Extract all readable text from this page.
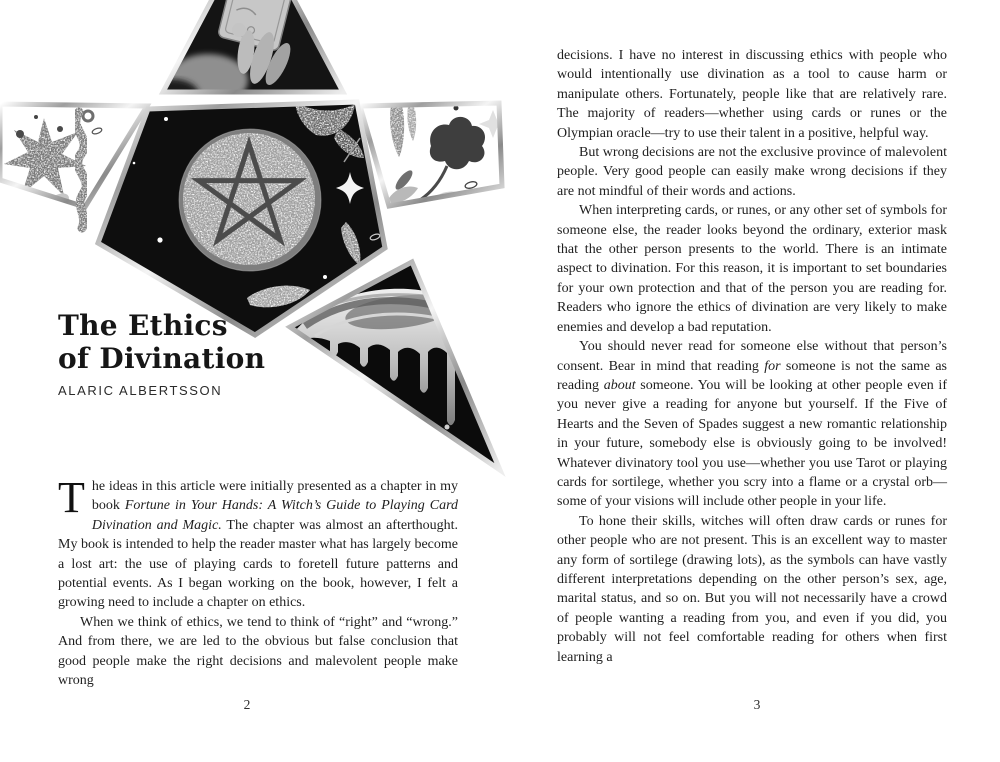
The Ethics
of Divination
ALARIC ALBERTSSON

The ideas in this article were initially presented as a chapter in my book Fortune in Your Hands: A Witch’s Guide to Playing Card Divination and Magic. The chapter was almost an afterthought. My book is intended to help the reader master what has largely become a lost art: the use of playing cards to foretell future patterns and potential events. As I began working on the book, however, I felt a growing need to include a chapter on ethics.

When we think of ethics, we tend to think of “right” and “wrong.” And from there, we are led to the obvious but false conclusion that good people make the right decisions and malevolent people make wrong

2

decisions. I have no interest in discussing ethics with people who would intentionally use divination as a tool to cause harm or manipulate others. Fortunately, people like that are relatively rare. The majority of readers—whether using cards or runes or the Olympian oracle—try to use their talent in a positive, helpful way.

But wrong decisions are not the exclusive province of malevolent people. Very good people can easily make wrong decisions if they are not mindful of their words and actions.

When interpreting cards, or runes, or any other set of symbols for someone else, the reader looks beyond the ordinary, exterior mask that the other person presents to the world. There is an intimate aspect to divination. For this reason, it is important to set boundaries for your own protection and that of the person you are reading for. Readers who ignore the ethics of divination are very likely to make enemies and develop a bad reputation.

You should never read for someone else without that person’s consent. Bear in mind that reading for someone is not the same as reading about someone. You will be looking at other people even if you never give a reading for anyone but yourself. If the Five of Hearts and the Seven of Spades suggest a new romantic relationship in your future, somebody else is obviously going to be involved! Whatever divinatory tool you use—whether you use Tarot or playing cards for sortilege, whether you scry into a flame or a crystal orb—some of your visions will include other people in your life.

To hone their skills, witches will often draw cards or runes for other people who are not present. This is an excellent way to master any form of sortilege (drawing lots), as the symbols can have vastly different interpretations depending on the other person’s sex, age, marital status, and so on. But you will not necessarily have a crowd of people wanting a reading from you, and even if you did, you probably will not feel comfortable reading for others when first learning a

3
